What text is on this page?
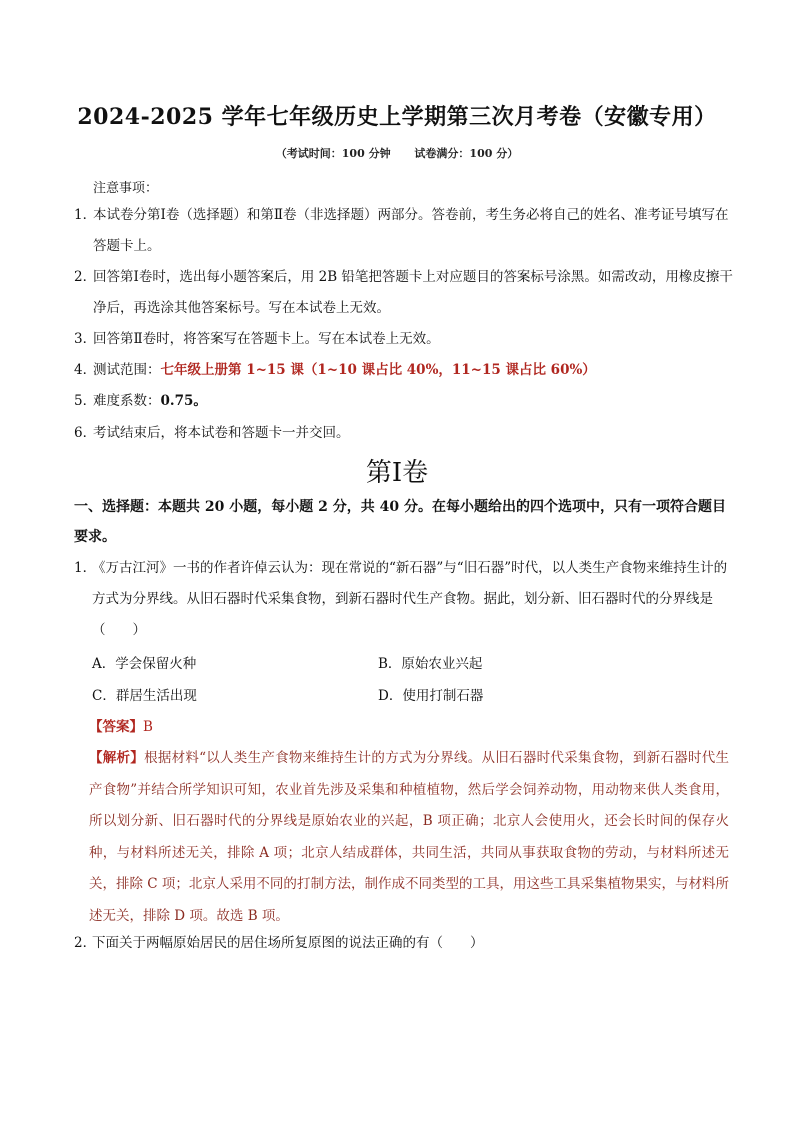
2024-2025 学年七年级历史上学期第三次月考卷（安徽专用）
（考试时间：100 分钟 试卷满分：100 分）
注意事项：
1．
本试卷分第Ⅰ卷（选择题）和第Ⅱ卷（非选择题）两部分。答卷前，考生务必将自己的姓名、准考证号填写在答题卡上。
2．
回答第Ⅰ卷时，选出每小题答案后，用 2B 铅笔把答题卡上对应题目的答案标号涂黑。如需改动，用橡皮擦干净后，再选涂其他答案标号。写在本试卷上无效。
3．
回答第Ⅱ卷时，将答案写在答题卡上。写在本试卷上无效。
4．
测试范围：七年级上册第 1~15 课（1~10 课占比 40%，11~15 课占比 60%）
5．
难度系数：0.75。
6．
考试结束后，将本试卷和答题卡一并交回。
第Ⅰ卷
一、选择题：本题共 20 小题，每小题 2 分，共 40 分。在每小题给出的四个选项中，只有一项符合题目要求。
1．
《万古江河》一书的作者许倬云认为：现在常说的“新石器”与“旧石器”时代，以人类生产食物来维持生计的方式为分界线。从旧石器时代采集食物，到新石器时代生产食物。据此，划分新、旧石器时代的分界线是（　　）
A．学会保留火种	B．原始农业兴起
C．群居生活出现	D．使用打制石器
【答案】B
【解析】根据材料“以人类生产食物来维持生计的方式为分界线。从旧石器时代采集食物，到新石器时代生产食物”并结合所学知识可知，农业首先涉及采集和种植植物，然后学会饲养动物，用动物来供人类食用，所以划分新、旧石器时代的分界线是原始农业的兴起，B 项正确；北京人会使用火，还会长时间的保存火种，与材料所述无关，排除 A 项；北京人结成群体，共同生活，共同从事获取食物的劳动，与材料所述无关，排除 C 项；北京人采用不同的打制方法，制作成不同类型的工具，用这些工具采集植物果实，与材料所述无关，排除 D 项。故选 B 项。
2．
下面关于两幅原始居民的居住场所复原图的说法正确的有（　　）
